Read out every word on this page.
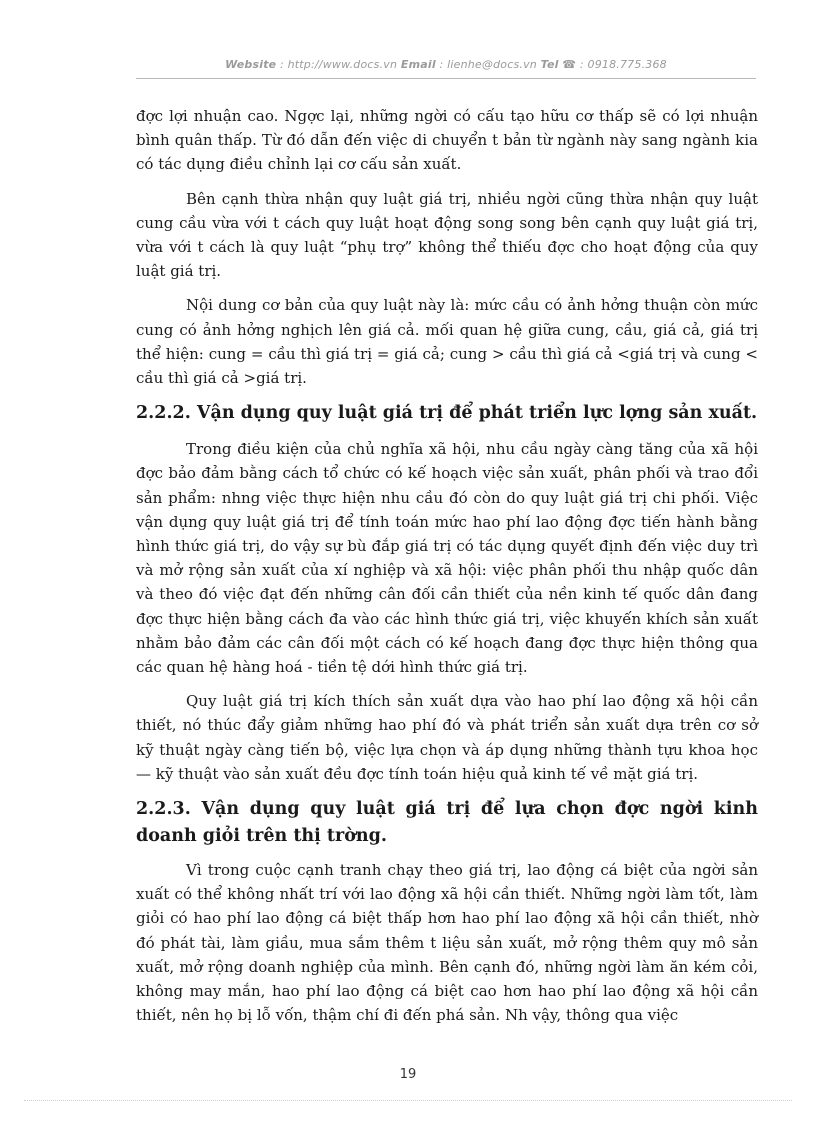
Website : http://www.docs.vn Email : lienhe@docs.vn Tel ☎ : 0918.775.368

đợc lợi nhuận cao. Ngợc lại, những ngời có cấu tạo hữu cơ thấp sẽ có lợi nhuận bình quân thấp. Từ đó dẫn đến việc di chuyển t bản từ ngành này sang ngành kia có tác dụng điều chỉnh lại cơ cấu sản xuất.

Bên cạnh thừa nhận quy luật giá trị, nhiều ngời cũng thừa nhận quy luật cung cầu vừa với t cách quy luật hoạt động song song bên cạnh quy luật giá trị, vừa với t cách là quy luật “phụ trợ” không thể thiếu đợc cho hoạt động của quy luật giá trị.

Nội dung cơ bản của quy luật này là: mức cầu có ảnh hởng thuận còn mức cung có ảnh hởng nghịch lên giá cả. mối quan hệ giữa cung, cầu, giá cả, giá trị thể hiện: cung = cầu thì giá trị = giá cả; cung > cầu thì giá cả <giá trị và cung < cầu thì giá cả >giá trị.

2.2.2. Vận dụng quy luật giá trị để phát triển lực lợng sản xuất.

Trong điều kiện của chủ nghĩa xã hội, nhu cầu ngày càng tăng của xã hội đợc bảo đảm bằng cách tổ chức có kế hoạch việc sản xuất, phân phối và trao đổi sản phẩm: nhng việc thực hiện nhu cầu đó còn do quy luật giá trị chi phối. Việc vận dụng quy luật giá trị để tính toán mức hao phí lao động đợc tiến hành bằng hình thức giá trị, do vậy sự bù đắp giá trị có tác dụng quyết định đến việc duy trì và mở rộng sản xuất của xí nghiệp và xã hội: việc phân phối thu nhập quốc dân và theo đó việc đạt đến những cân đối cần thiết của nền kinh tế quốc dân đang đợc thực hiện bằng cách đa vào các hình thức giá trị, việc khuyến khích sản xuất nhằm bảo đảm các cân đối một cách có kế hoạch đang đợc thực hiện thông qua các quan hệ hàng hoá - tiền tệ dới hình thức giá trị.

Quy luật giá trị kích thích sản xuất dựa vào hao phí lao động xã hội cần thiết, nó thúc đẩy giảm những hao phí đó và phát triển sản xuất dựa trên cơ sở kỹ thuật ngày càng tiến bộ, việc lựa chọn và áp dụng những thành tựu khoa học — kỹ thuật vào sản xuất đều đợc tính toán hiệu quả kinh tế về mặt giá trị.

2.2.3. Vận dụng quy luật giá trị để lựa chọn đợc ngời kinh doanh giỏi trên thị trờng.

Vì trong cuộc cạnh tranh chạy theo giá trị, lao động cá biệt của ngời sản xuất có thể không nhất trí với lao động xã hội cần thiết. Những ngời làm tốt, làm giỏi có hao phí lao động cá biệt thấp hơn hao phí lao động xã hội cần thiết, nhờ đó phát tài, làm giầu, mua sắm thêm t liệu sản xuất, mở rộng thêm quy mô sản xuất, mở rộng doanh nghiệp của mình. Bên cạnh đó, những ngời làm ăn kém cỏi, không may mắn, hao phí lao động cá biệt cao hơn hao phí lao động xã hội cần thiết, nên họ bị lỗ vốn, thậm chí đi đến phá sản. Nh vậy, thông qua việc

19
